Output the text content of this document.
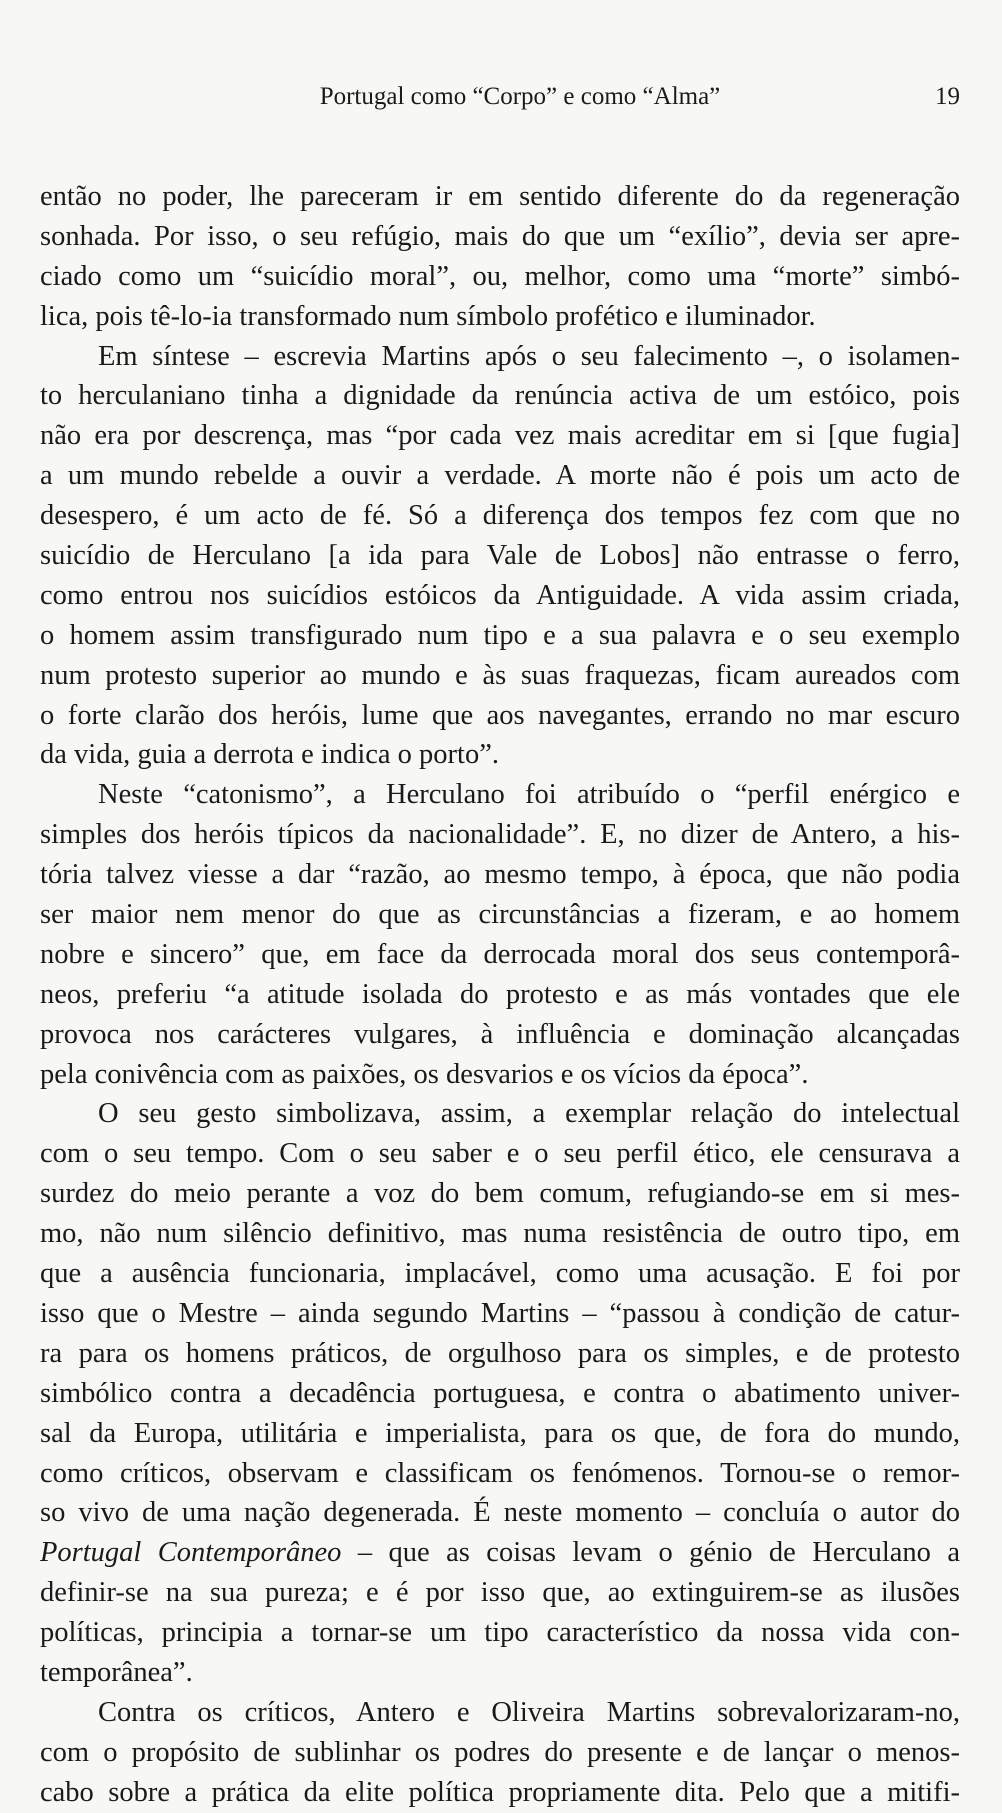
Portugal como “Corpo” e como “Alma”	19
então no poder, lhe pareceram ir em sentido diferente do da regeneração
sonhada. Por isso, o seu refúgio, mais do que um “exílio”, devia ser apre-
ciado como um “suicídio moral”, ou, melhor, como uma “morte” simbó-
lica, pois tê-lo-ia transformado num símbolo profético e iluminador.
Em síntese – escrevia Martins após o seu falecimento –, o isolamen-
to herculaniano tinha a dignidade da renúncia activa de um estóico, pois
não era por descrença, mas “por cada vez mais acreditar em si [que fugia]
a um mundo rebelde a ouvir a verdade. A morte não é pois um acto de
desespero, é um acto de fé. Só a diferença dos tempos fez com que no
suicídio de Herculano [a ida para Vale de Lobos] não entrasse o ferro,
como entrou nos suicídios estóicos da Antiguidade. A vida assim criada,
o homem assim transfigurado num tipo e a sua palavra e o seu exemplo
num protesto superior ao mundo e às suas fraquezas, ficam aureados com
o forte clarão dos heróis, lume que aos navegantes, errando no mar escuro
da vida, guia a derrota e indica o porto”.
Neste “catonismo”, a Herculano foi atribuído o “perfil enérgico e
simples dos heróis típicos da nacionalidade”. E, no dizer de Antero, a his-
tória talvez viesse a dar “razão, ao mesmo tempo, à época, que não podia
ser maior nem menor do que as circunstâncias a fizeram, e ao homem
nobre e sincero” que, em face da derrocada moral dos seus contemporâ-
neos, preferiu “a atitude isolada do protesto e as más vontades que ele
provoca nos carácteres vulgares, à influência e dominação alcançadas
pela conivência com as paixões, os desvarios e os vícios da época”.
O seu gesto simbolizava, assim, a exemplar relação do intelectual
com o seu tempo. Com o seu saber e o seu perfil ético, ele censurava a
surdez do meio perante a voz do bem comum, refugiando-se em si mes-
mo, não num silêncio definitivo, mas numa resistência de outro tipo, em
que a ausência funcionaria, implacável, como uma acusação. E foi por
isso que o Mestre – ainda segundo Martins – “passou à condição de catur-
ra para os homens práticos, de orgulhoso para os simples, e de protesto
simbólico contra a decadência portuguesa, e contra o abatimento univer-
sal da Europa, utilitária e imperialista, para os que, de fora do mundo,
como críticos, observam e classificam os fenómenos. Tornou-se o remor-
so vivo de uma nação degenerada. É neste momento – concluía o autor do
Portugal Contemporâneo – que as coisas levam o génio de Herculano a
definir-se na sua pureza; e é por isso que, ao extinguirem-se as ilusões
políticas, principia a tornar-se um tipo característico da nossa vida con-
temporânea”.
Contra os críticos, Antero e Oliveira Martins sobrevalorizaram-no,
com o propósito de sublinhar os podres do presente e de lançar o menos-
cabo sobre a prática da elite política propriamente dita. Pelo que a mitifi-
